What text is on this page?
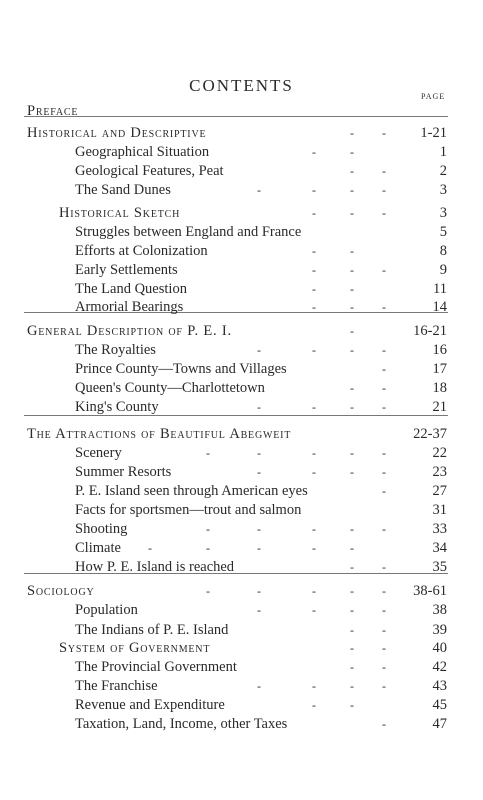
CONTENTS
PAGE
Preface
Historical and Descriptive	- - 1-21
Geographical Situation	-	-	1
Geological Features, Peat	- -	2
The Sand Dunes	-	-	- -	3
Historical Sketch	-	- -	3
Struggles between England and France	5
Efforts at Colonization	-	-	8
Early Settlements	-	- -	9
The Land Question	-	-	11
Armorial Bearings	-	- -	14
General Description of P. E. I.	-	16-21
The Royalties	-	-	- -	16
Prince County—Towns and Villages	-	17
Queen's County—Charlottetown	- -	18
King's County	-	-	- -	21
The Attractions of Beautiful Abegweit	22-37
Scenery	-	-	-	- -	22
Summer Resorts	-	-	- -	23
P. E. Island seen through American eyes	-	27
Facts for sportsmen—trout and salmon	31
Shooting	-	-	-	- -	33
Climate -	-	-	-	-	34
How P. E. Island is reached	- -	35
Sociology	-	-	-	- - 38-61
Population	-	-	- -	38
The Indians of P. E. Island	- -	39
System of Government	- -	40
The Provincial Government	- -	42
The Franchise	-	-	- -	43
Revenue and Expenditure	-	-	45
Taxation, Land, Income, other Taxes	-	47
